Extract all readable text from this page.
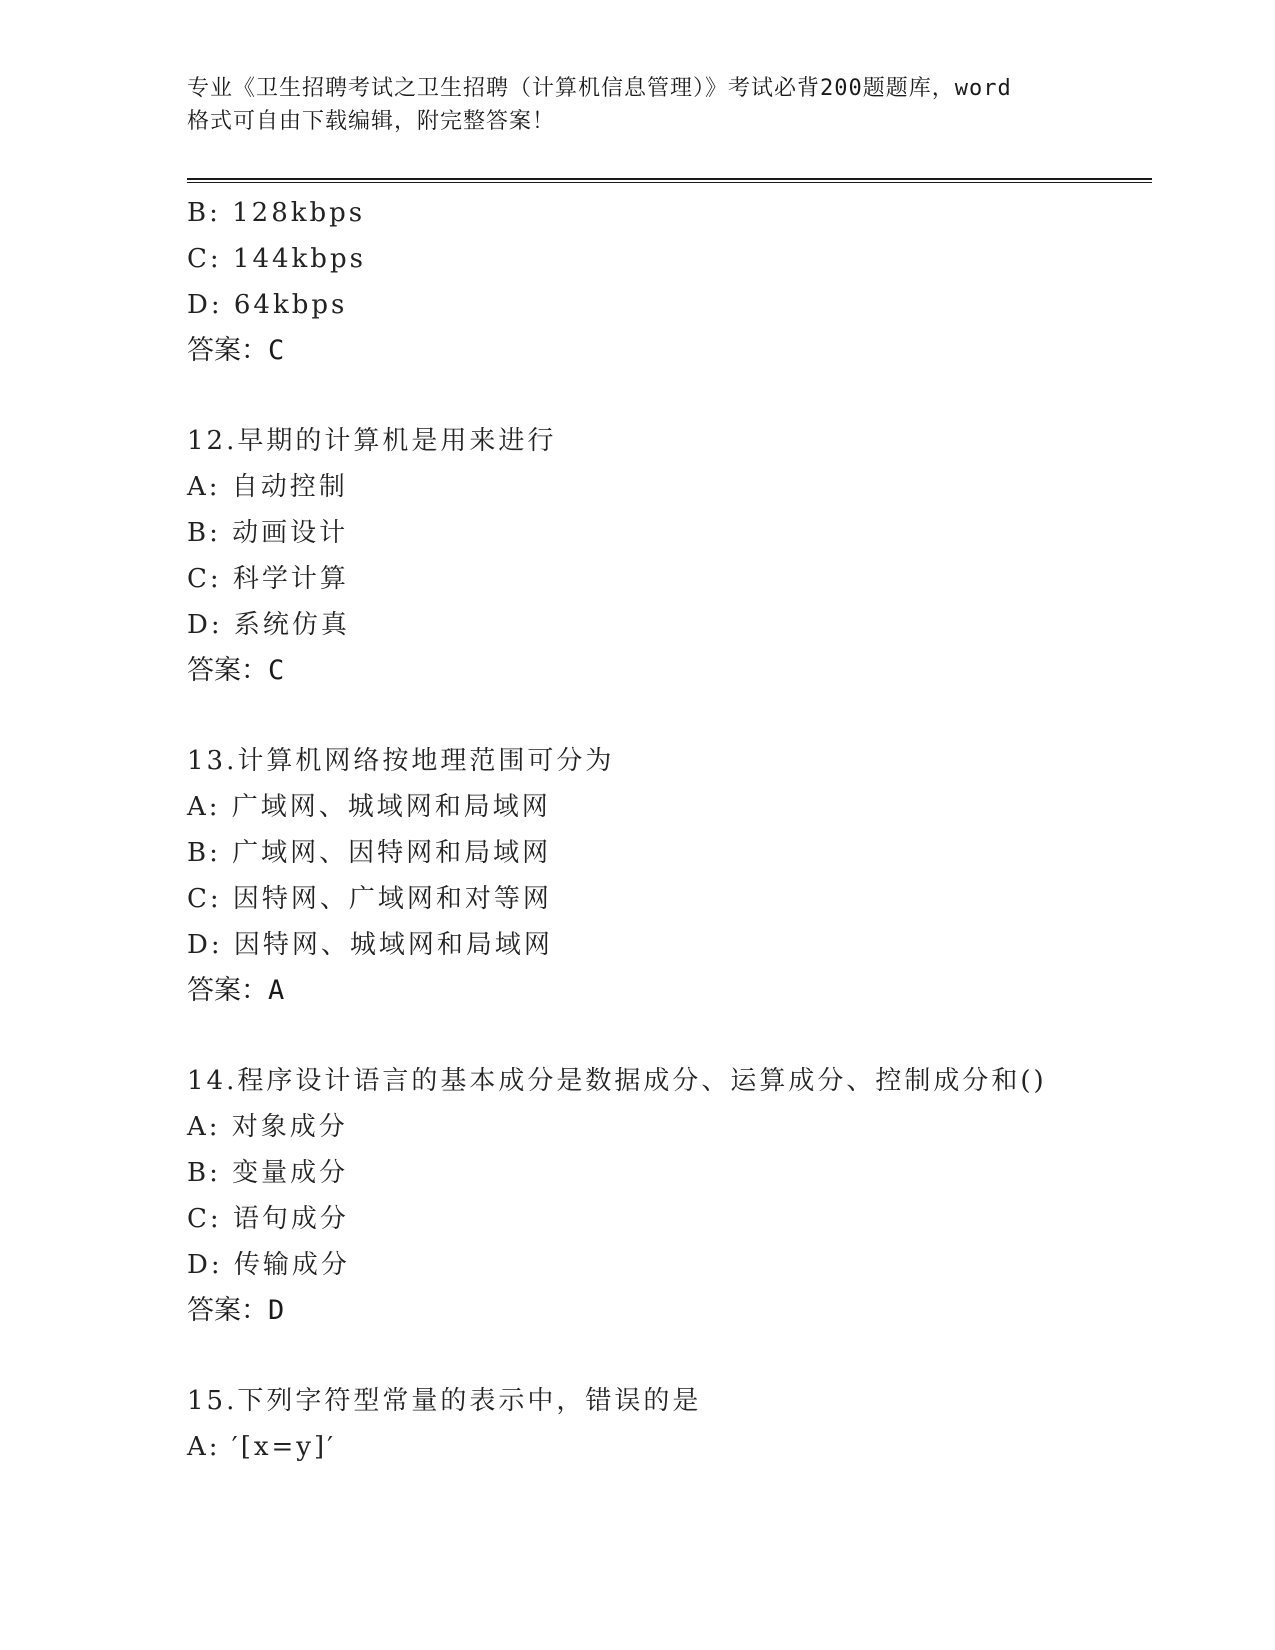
专业《卫生招聘考试之卫生招聘（计算机信息管理）》考试必背200题题库，word
格式可自由下载编辑，附完整答案！
B: 128kbps
C: 144kbps
D: 64kbps
答案：C
12.早期的计算机是用来进行
A: 自动控制
B: 动画设计
C: 科学计算
D: 系统仿真
答案：C
13.计算机网络按地理范围可分为
A: 广域网、城域网和局域网
B: 广域网、因特网和局域网
C: 因特网、广域网和对等网
D: 因特网、城域网和局域网
答案：A
14.程序设计语言的基本成分是数据成分、运算成分、控制成分和()
A: 对象成分
B: 变量成分
C: 语句成分
D: 传输成分
答案：D
15.下列字符型常量的表示中，错误的是
A: ′[x=y]′
